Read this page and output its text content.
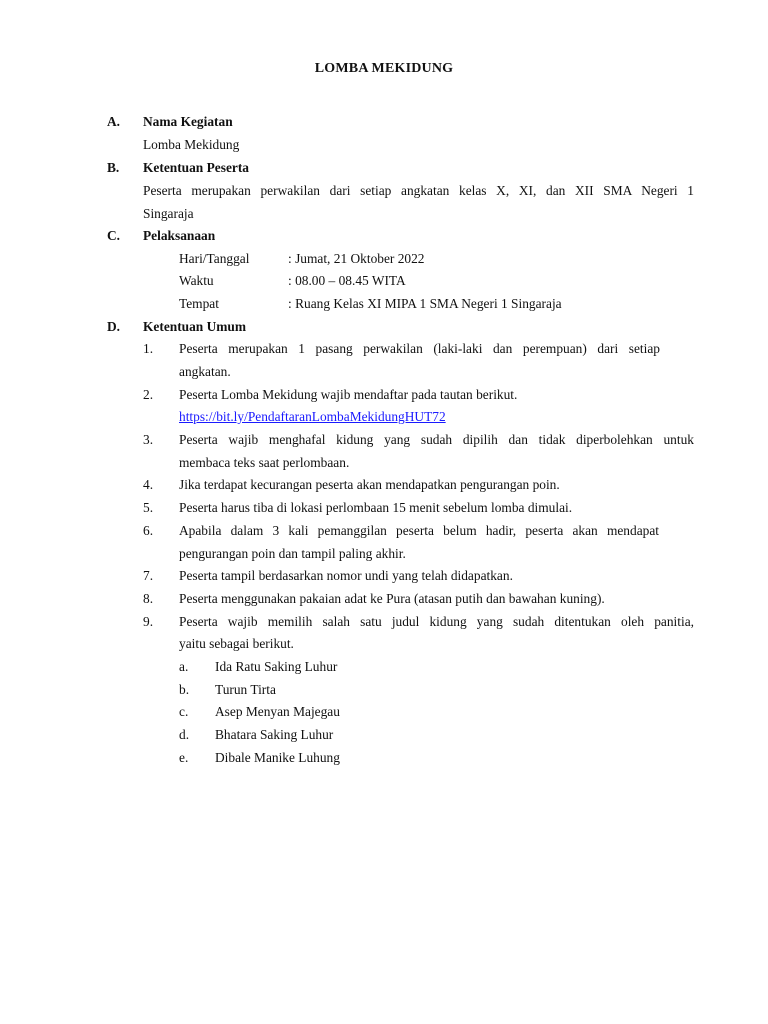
LOMBA MEKIDUNG
A. Nama Kegiatan
Lomba Mekidung
B. Ketentuan Peserta
Peserta merupakan perwakilan dari setiap angkatan kelas X, XI, dan XII SMA Negeri 1
Singaraja
C. Pelaksanaan
Hari/Tanggal	: Jumat, 21 Oktober 2022
Waktu	: 08.00 – 08.45 WITA
Tempat	: Ruang Kelas XI MIPA 1 SMA Negeri 1 Singaraja
D. Ketentuan Umum
1. Peserta merupakan 1 pasang perwakilan (laki-laki dan perempuan) dari setiap
angkatan.
2. Peserta Lomba Mekidung wajib mendaftar pada tautan berikut.
https://bit.ly/PendaftaranLombaMekidungHUT72
3. Peserta wajib menghafal kidung yang sudah dipilih dan tidak diperbolehkan untuk
membaca teks saat perlombaan.
4. Jika terdapat kecurangan peserta akan mendapatkan pengurangan poin.
5. Peserta harus tiba di lokasi perlombaan 15 menit sebelum lomba dimulai.
6. Apabila dalam 3 kali pemanggilan peserta belum hadir, peserta akan mendapat
pengurangan poin dan tampil paling akhir.
7. Peserta tampil berdasarkan nomor undi yang telah didapatkan.
8. Peserta menggunakan pakaian adat ke Pura (atasan putih dan bawahan kuning).
9. Peserta wajib memilih salah satu judul kidung yang sudah ditentukan oleh panitia,
yaitu sebagai berikut.
a. Ida Ratu Saking Luhur
b. Turun Tirta
c. Asep Menyan Majegau
d. Bhatara Saking Luhur
e. Dibale Manike Luhung
